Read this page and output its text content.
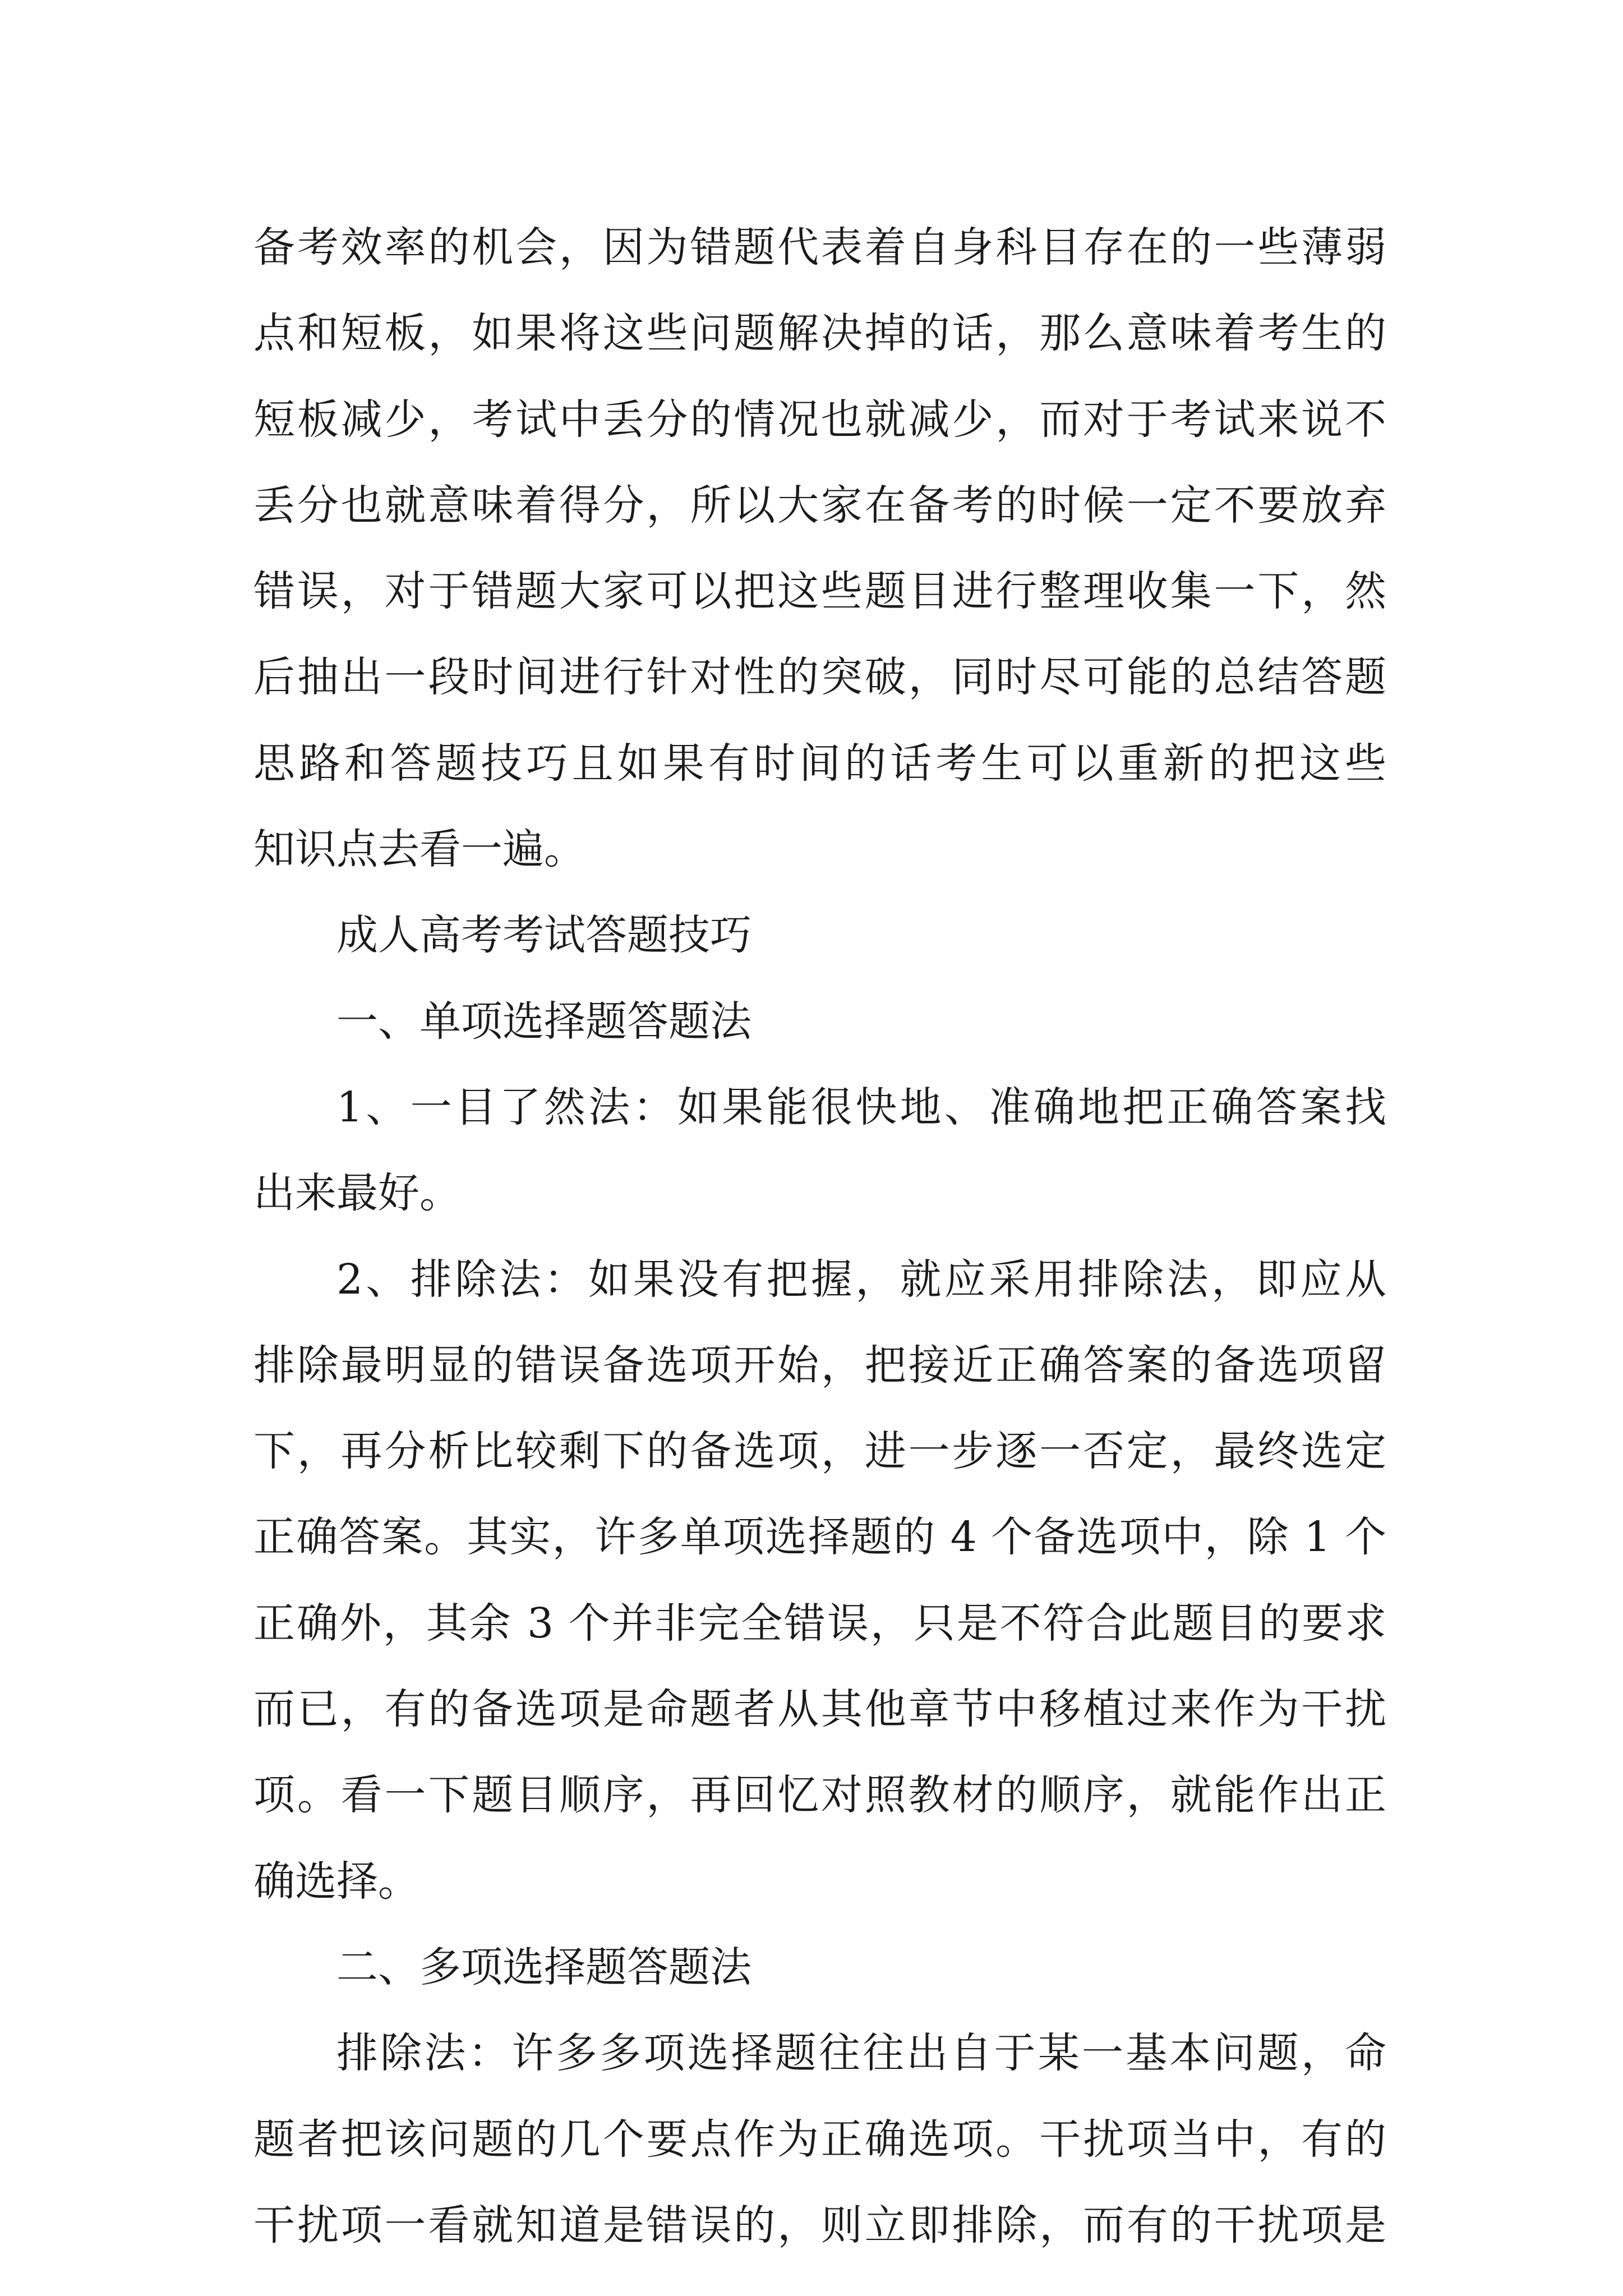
备考效率的机会，因为错题代表着自身科目存在的一些薄弱
点和短板，如果将这些问题解决掉的话，那么意味着考生的
短板减少，考试中丢分的情况也就减少，而对于考试来说不
丢分也就意味着得分，所以大家在备考的时候一定不要放弃
错误，对于错题大家可以把这些题目进行整理收集一下，然
后抽出一段时间进行针对性的突破，同时尽可能的总结答题
思路和答题技巧且如果有时间的话考生可以重新的把这些
知识点去看一遍。
成人高考考试答题技巧
一、单项选择题答题法
1、一目了然法：如果能很快地、准确地把正确答案找
出来最好。
2、排除法：如果没有把握，就应采用排除法，即应从
排除最明显的错误备选项开始，把接近正确答案的备选项留
下，再分析比较剩下的备选项，进一步逐一否定，最终选定
正确答案。其实，许多单项选择题的 4 个备选项中，除 1 个
正确外，其余 3 个并非完全错误，只是不符合此题目的要求
而已，有的备选项是命题者从其他章节中移植过来作为干扰
项。看一下题目顺序，再回忆对照教材的顺序，就能作出正
确选择。
二、多项选择题答题法
排除法：许多多项选择题往往出自于某一基本问题，命
题者把该问题的几个要点作为正确选项。干扰项当中，有的
干扰项一看就知道是错误的，则立即排除，而有的干扰项是
